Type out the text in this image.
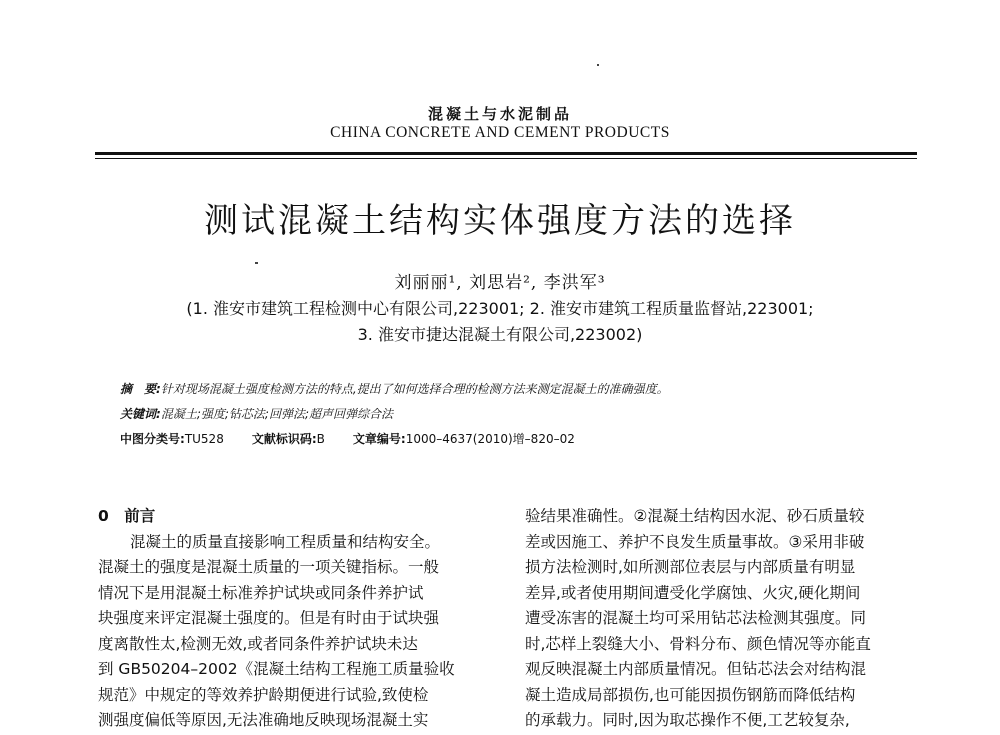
混凝土与水泥制品
CHINA CONCRETE AND CEMENT PRODUCTS
测试混凝土结构实体强度方法的选择
刘丽丽¹, 刘思岩², 李洪军³
(1. 淮安市建筑工程检测中心有限公司,223001; 2. 淮安市建筑工程质量监督站,223001;
3. 淮安市捷达混凝土有限公司,223002)
摘　要:针对现场混凝土强度检测方法的特点,提出了如何选择合理的检测方法来测定混凝土的准确强度。
关键词:混凝土;强度;钻芯法;回弹法;超声回弹综合法
中图分类号:TU528 文献标识码:B 文章编号:1000–4637(2010)增–820–02
0　前言
混凝土的质量直接影响工程质量和结构安全。
混凝土的强度是混凝土质量的一项关键指标。一般
情况下是用混凝土标准养护试块或同条件养护试
块强度来评定混凝土强度的。但是有时由于试块强
度离散性太,检测无效,或者同条件养护试块未达
到 GB50204–2002《混凝土结构工程施工质量验收
规范》中规定的等效养护龄期便进行试验,致使检
测强度偏低等原因,无法准确地反映现场混凝土实
验结果准确性。②混凝土结构因水泥、砂石质量较
差或因施工、养护不良发生质量事故。③采用非破
损方法检测时,如所测部位表层与内部质量有明显
差异,或者使用期间遭受化学腐蚀、火灾,硬化期间
遭受冻害的混凝土均可采用钻芯法检测其强度。同
时,芯样上裂缝大小、骨料分布、颜色情况等亦能直
观反映混凝土内部质量情况。但钻芯法会对结构混
凝土造成局部损伤,也可能因损伤钢筋而降低结构
的承载力。同时,因为取芯操作不便,工艺较复杂,
